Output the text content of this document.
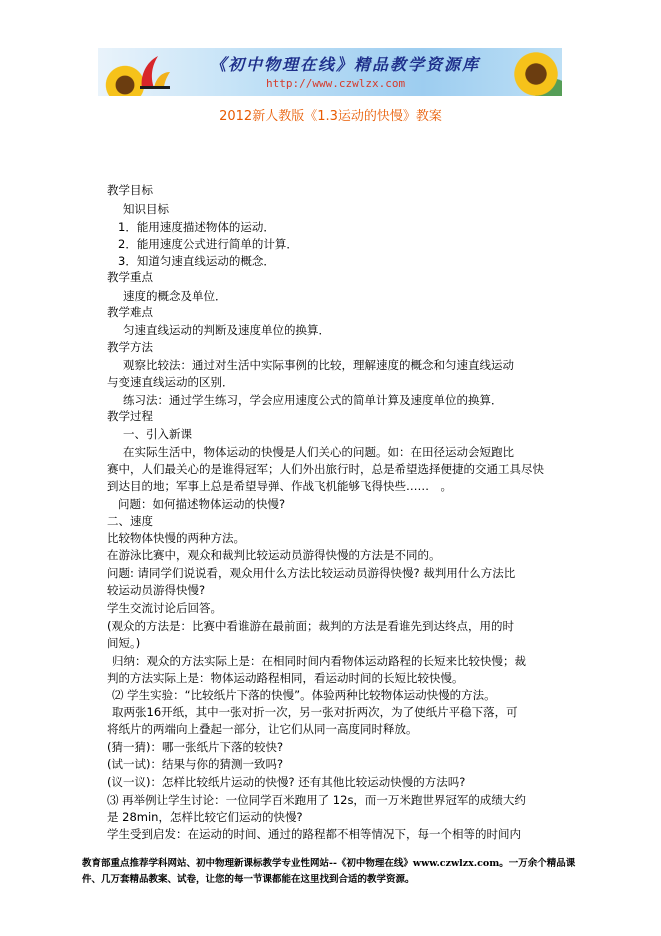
《初中物理在线》精品教学资源库
http://www.czwlzx.com
2012新人教版《1.3运动的快慢》教案
教学目标
知识目标
1．能用速度描述物体的运动．
2．能用速度公式进行简单的计算．
3．知道匀速直线运动的概念．
教学重点
速度的概念及单位．
教学难点
匀速直线运动的判断及速度单位的换算．
教学方法
观察比较法：通过对生活中实际事例的比较，理解速度的概念和匀速直线运动
与变速直线运动的区别．
练习法：通过学生练习，学会应用速度公式的简单计算及速度单位的换算．
教学过程
一、引入新课
在实际生活中，物体运动的快慢是人们关心的问题。如：在田径运动会短跑比
赛中，人们最关心的是谁得冠军；人们外出旅行时，总是希望选择便捷的交通工具尽快
到达目的地；军事上总是希望导弹、作战飞机能够飞得快些……　。
问题：如何描述物体运动的快慢?
二、速度
比较物体快慢的两种方法。
在游泳比赛中，观众和裁判比较运动员游得快慢的方法是不同的。
问题: 请同学们说说看，观众用什么方法比较运动员游得快慢? 裁判用什么方法比
较运动员游得快慢?
学生交流讨论后回答。
(观众的方法是：比赛中看谁游在最前面；裁判的方法是看谁先到达终点，用的时
间短。)
归纳：观众的方法实际上是：在相同时间内看物体运动路程的长短来比较快慢；裁
判的方法实际上是：物体运动路程相同，看运动时间的长短比较快慢。
⑵ 学生实验：“比较纸片下落的快慢”。体验两种比较物体运动快慢的方法。
取两张16开纸，其中一张对折一次，另一张对折两次，为了使纸片平稳下落，可
将纸片的两端向上叠起一部分，让它们从同一高度同时释放。
(猜一猜)：哪一张纸片下落的较快?
(试一试)：结果与你的猜测一致吗?
(议一议)：怎样比较纸片运动的快慢? 还有其他比较运动快慢的方法吗?
⑶ 再举例让学生讨论：一位同学百米跑用了 12s，而一万米跑世界冠军的成绩大约
是 28min，怎样比较它们运动的快慢?
学生受到启发：在运动的时间、通过的路程都不相等情况下，每一个相等的时间内
教育部重点推荐学科网站、初中物理新课标教学专业性网站--《初中物理在线》www.czwlzx.com。一万余个精品课
件、几万套精品教案、试卷，让您的每一节课都能在这里找到合适的教学资源。
